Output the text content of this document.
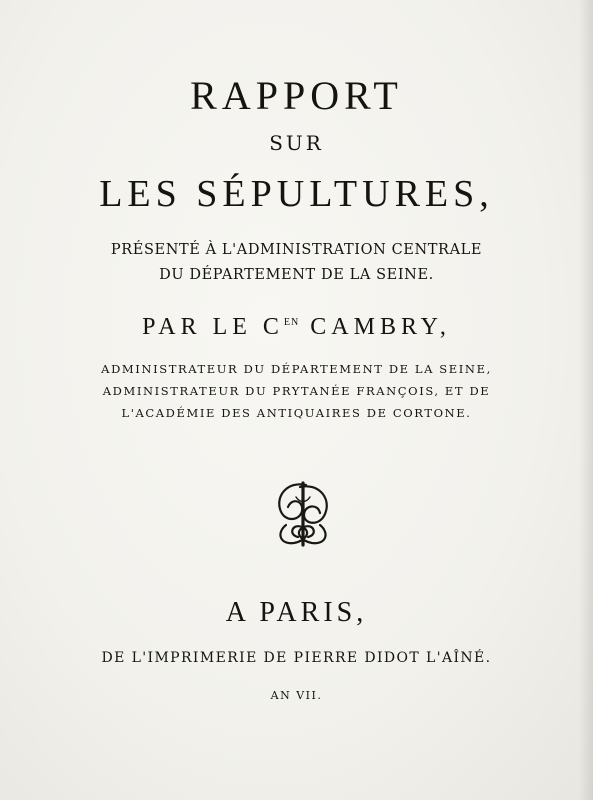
RAPPORT
SUR
LES SÉPULTURES,
PRÉSENTÉ À L'ADMINISTRATION CENTRALE
DU DÉPARTEMENT DE LA SEINE.
PAR LE $C^{EN}$ CAMBRY,
ADMINISTRATEUR DU DÉPARTEMENT DE LA SEINE,
ADMINISTRATEUR DU PRYTANÉE FRANÇOIS, ET DE
L'ACADÉMIE DES ANTIQUAIRES DE CORTONE.
A PARIS,
DE L'IMPRIMERIE DE PIERRE DIDOT L'AÎNÉ.
AN VII.
